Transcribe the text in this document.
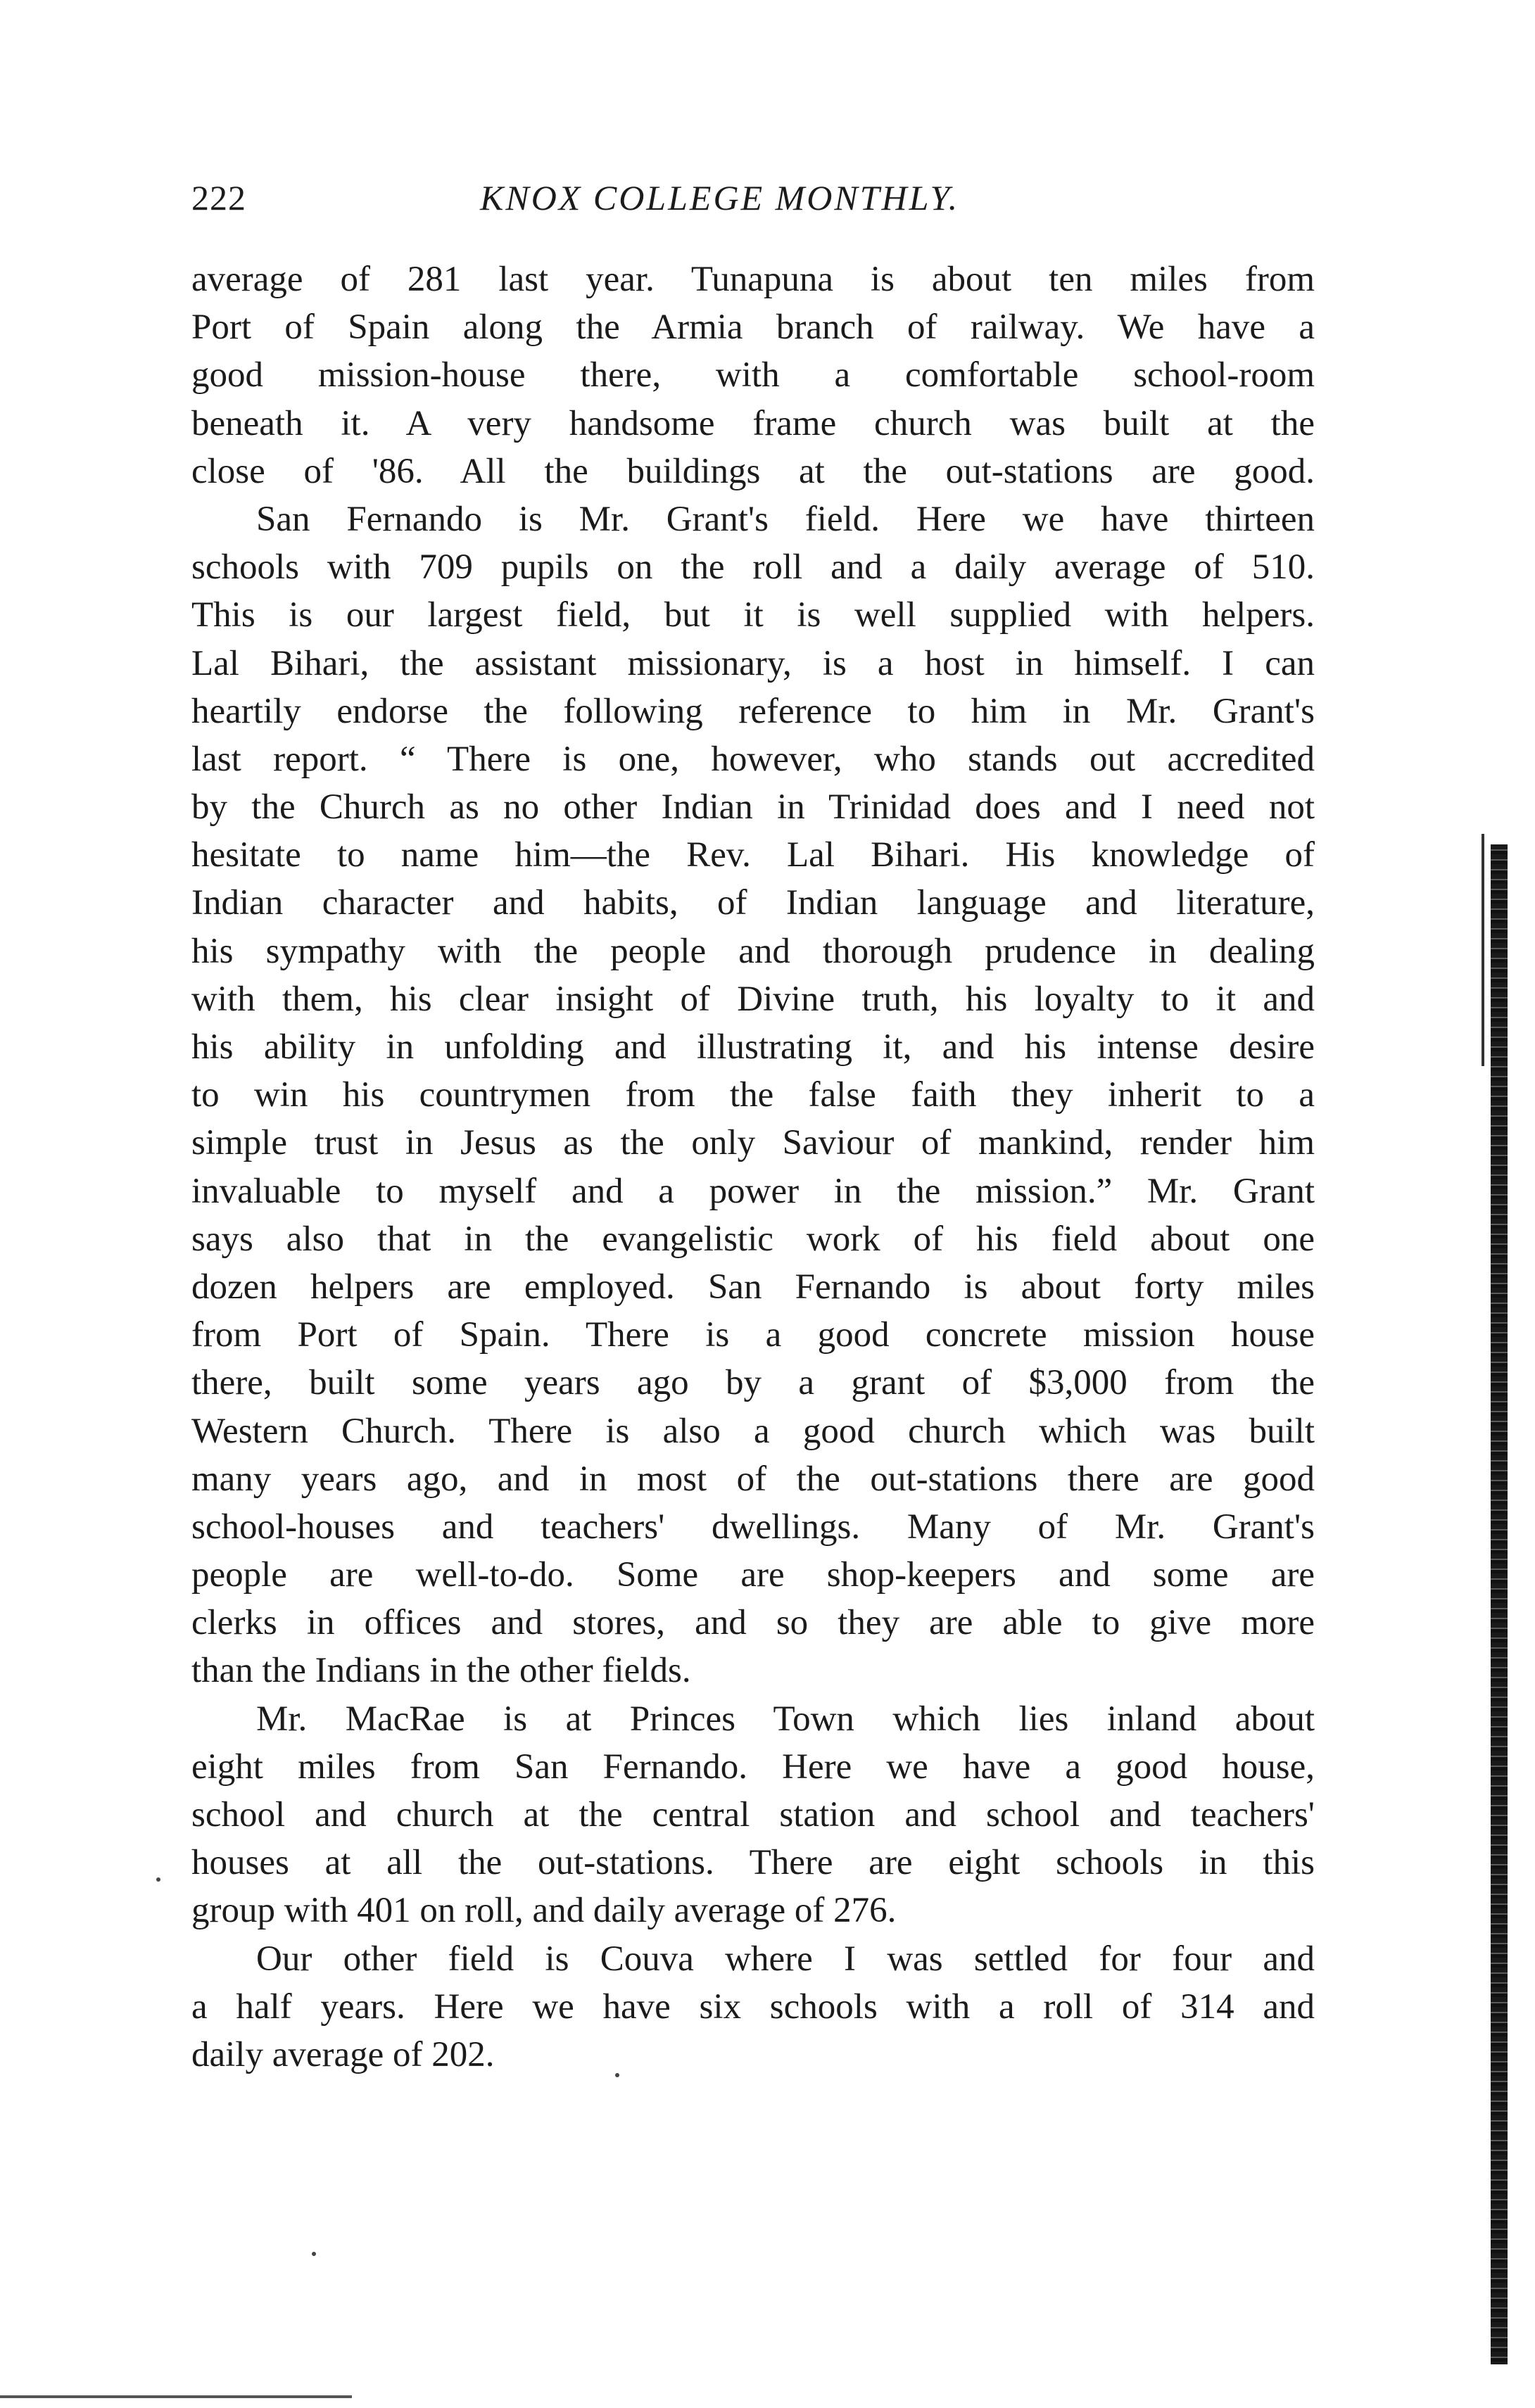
222	KNOX COLLEGE MONTHLY.
average of 281 last year. Tunapuna is about ten miles from
Port of Spain along the Armia branch of railway. We have a
good mission-house there, with a comfortable school-room
beneath it. A very handsome frame church was built at the
close of '86. All the buildings at the out-stations are good.
San Fernando is Mr. Grant's field. Here we have thirteen
schools with 709 pupils on the roll and a daily average of 510.
This is our largest field, but it is well supplied with helpers.
Lal Bihari, the assistant missionary, is a host in himself. I can
heartily endorse the following reference to him in Mr. Grant's
last report. “ There is one, however, who stands out accredited
by the Church as no other Indian in Trinidad does and I need not
hesitate to name him—the Rev. Lal Bihari. His knowledge of
Indian character and habits, of Indian language and literature,
his sympathy with the people and thorough prudence in dealing
with them, his clear insight of Divine truth, his loyalty to it and
his ability in unfolding and illustrating it, and his intense desire
to win his countrymen from the false faith they inherit to a
simple trust in Jesus as the only Saviour of mankind, render him
invaluable to myself and a power in the mission.” Mr. Grant
says also that in the evangelistic work of his field about one
dozen helpers are employed. San Fernando is about forty miles
from Port of Spain. There is a good concrete mission house
there, built some years ago by a grant of $3,000 from the
Western Church. There is also a good church which was built
many years ago, and in most of the out-stations there are good
school-houses and teachers' dwellings. Many of Mr. Grant's
people are well-to-do. Some are shop-keepers and some are
clerks in offices and stores, and so they are able to give more
than the Indians in the other fields.
Mr. MacRae is at Princes Town which lies inland about
eight miles from San Fernando. Here we have a good house,
school and church at the central station and school and teachers'
houses at all the out-stations. There are eight schools in this
group with 401 on roll, and daily average of 276.
Our other field is Couva where I was settled for four and
a half years. Here we have six schools with a roll of 314 and
daily average of 202.
